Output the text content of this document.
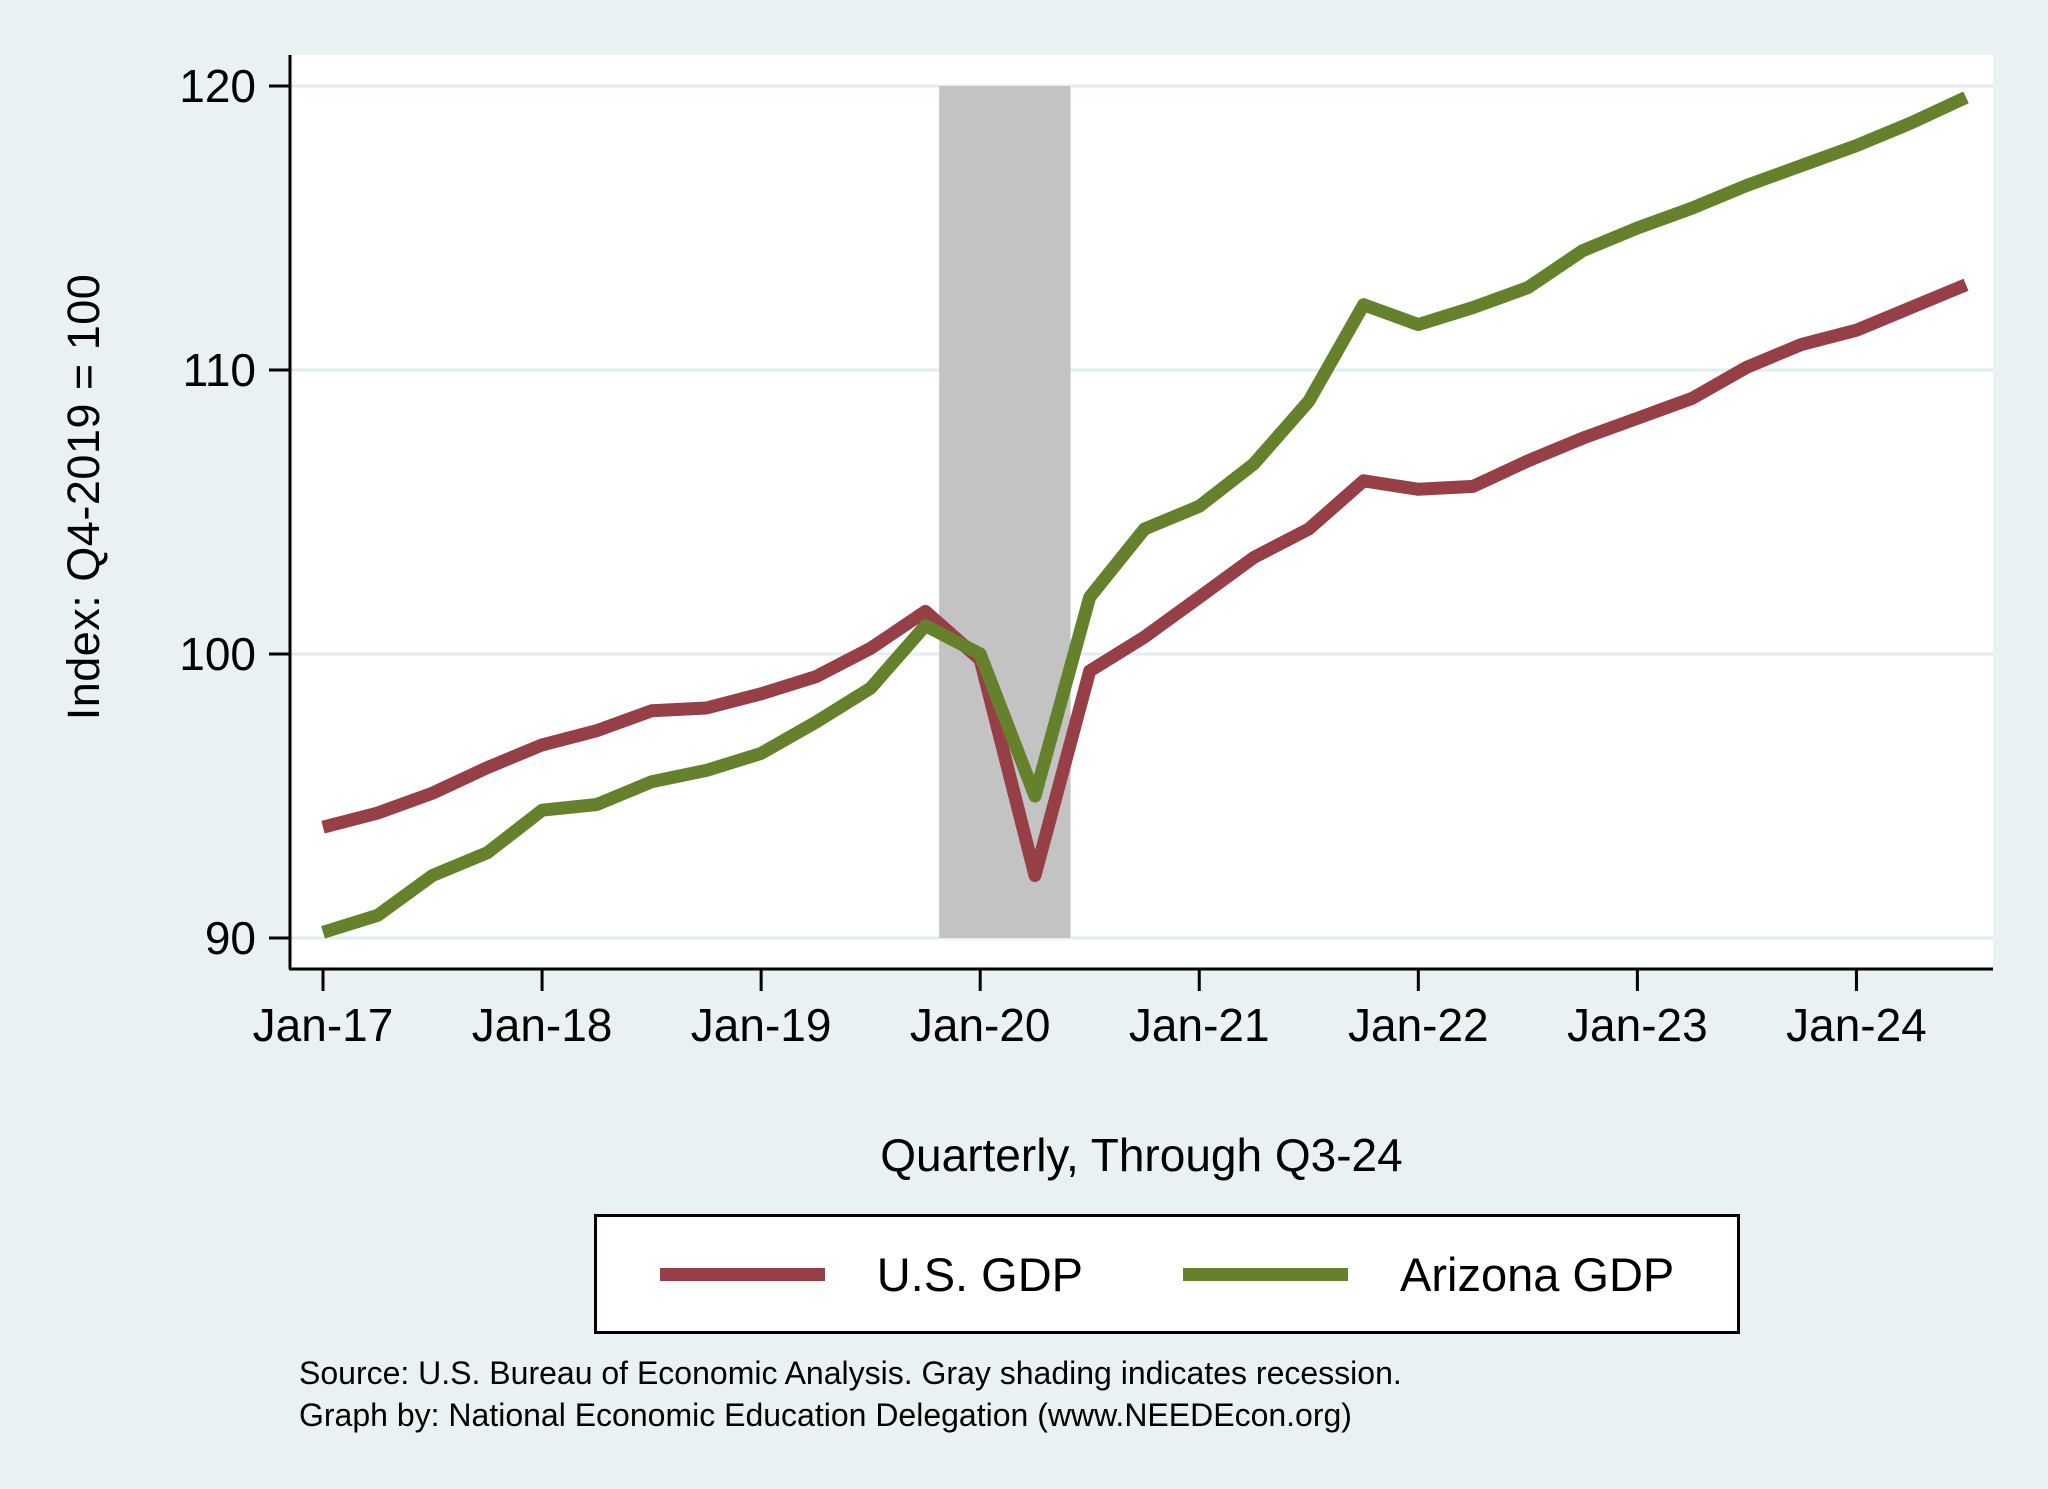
90
100
110
120
Jan-17 Jan-18 Jan-19 Jan-20 Jan-21 Jan-22 Jan-23 Jan-24
Index: Q4-2019 = 100
Quarterly, Through Q3-24
U.S. GDP	Arizona GDP
Source: U.S. Bureau of Economic Analysis. Gray shading indicates recession.
Graph by: National Economic Education Delegation (www.NEEDEcon.org)
